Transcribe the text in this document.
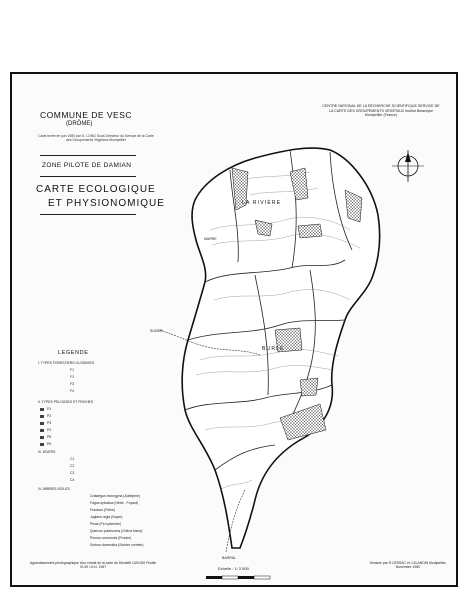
COMMUNE DE VESC
(DRÔME)
Carte levée en juin 1980 par G. LONG Sous Directeur du Service de la Carte des Groupements Végétaux Montpellier
ZONE PILOTE DE DAMIAN
CARTE ECOLOGIQUE
ET PHYSIONOMIQUE
CENTRE NATIONAL DE LA RECHERCHE SCIENTIFIQUE SERVICE DE LA CARTE DES GROUPEMENTS VÉGÉTAUX Institut Botanique Montpellier (France)
LA RIVIÈRE
MARRE
BURLE
SUZIER
BARRAL
LEGENDE
I. TYPES FORESTIERS OU BOISES
F1
F2
F3
F4
II. TYPES PELOUSES ET FRICHES
P1
P2
P3
P4
P5
P6
III. DIVERS
C1
C2
C3
C4
IV. ARBRES ISOLES
Crataegus monogyna (Aubépine)
Fagus sylvatica (Hêtre , Foyard)
Fraxinus (Frêne)
Juglans regia (Noyer)
Pinus (Pin sylvestre)
Quercus pubescens (Chêne blanc)
Prunus communis (Prunier)
Sorbus domestica (Sorbier cormier)
Agrandissement photographique d'un extrait de la carte de Dieulefit 1/25.000 Feuille XI-39 I.G.N. 1967	Echelle : 1/ 2.500
Dessiné par R.CESSAC et J.ALANDIN Montpellier, Novembre 1980
